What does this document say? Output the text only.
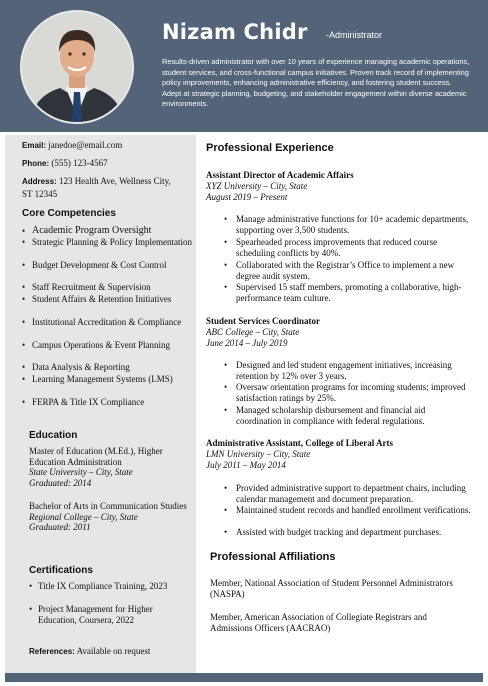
Nizam Chidr -Administrator
Results-driven administrator with over 10 years of experience managing academic operations, student services, and cross-functional campus initiatives. Proven track record of implementing policy improvements, enhancing administrative efficiency, and fostering student success. Adept at strategic planning, budgeting, and stakeholder engagement within diverse academic environments.
Email: janedoe@email.com
Phone: (555) 123-4567
Address: 123 Health Ave, Wellness City,
ST 12345
Core Competencies
• Academic Program Oversight
• Strategic Planning & Policy Implementation
• Budget Development & Cost Control
• Staff Recruitment & Supervision
• Student Affairs & Retention Initiatives
• Institutional Accreditation & Compliance
• Campus Operations & Event Planning
• Data Analysis & Reporting
• Learning Management Systems (LMS)
• FERPA & Title IX Compliance
Education
Master of Education (M.Ed.), Higher Education Administration
State University – City, State
Graduated: 2014
Bachelor of Arts in Communication Studies
Regional College – City, State
Graduated: 2011
Certifications
• Title IX Compliance Training, 2023
• Project Management for Higher Education, Coursera, 2022
References: Available on request
Professional Experience
Assistant Director of Academic Affairs
XYZ University – City, State
August 2019 – Present
• Manage administrative functions for 10+ academic departments, supporting over 3,500 students.
• Spearheaded process improvements that reduced course scheduling conflicts by 40%.
• Collaborated with the Registrar’s Office to implement a new degree audit system.
• Supervised 15 staff members, promoting a collaborative, high-performance team culture.
Student Services Coordinator
ABC College – City, State
June 2014 – July 2019
• Designed and led student engagement initiatives, increasing retention by 12% over 3 years.
• Oversaw orientation programs for incoming students; improved satisfaction ratings by 25%.
• Managed scholarship disbursement and financial aid coordination in compliance with federal regulations.
Administrative Assistant, College of Liberal Arts
LMN University – City, State
July 2011 – May 2014
• Provided administrative support to department chairs, including calendar management and document preparation.
• Maintained student records and handled enrollment verifications.
• Assisted with budget tracking and department purchases.
Professional Affiliations
Member, National Association of Student Personnel Administrators (NASPA)
Member, American Association of Collegiate Registrars and Admissions Officers (AACRAO)
